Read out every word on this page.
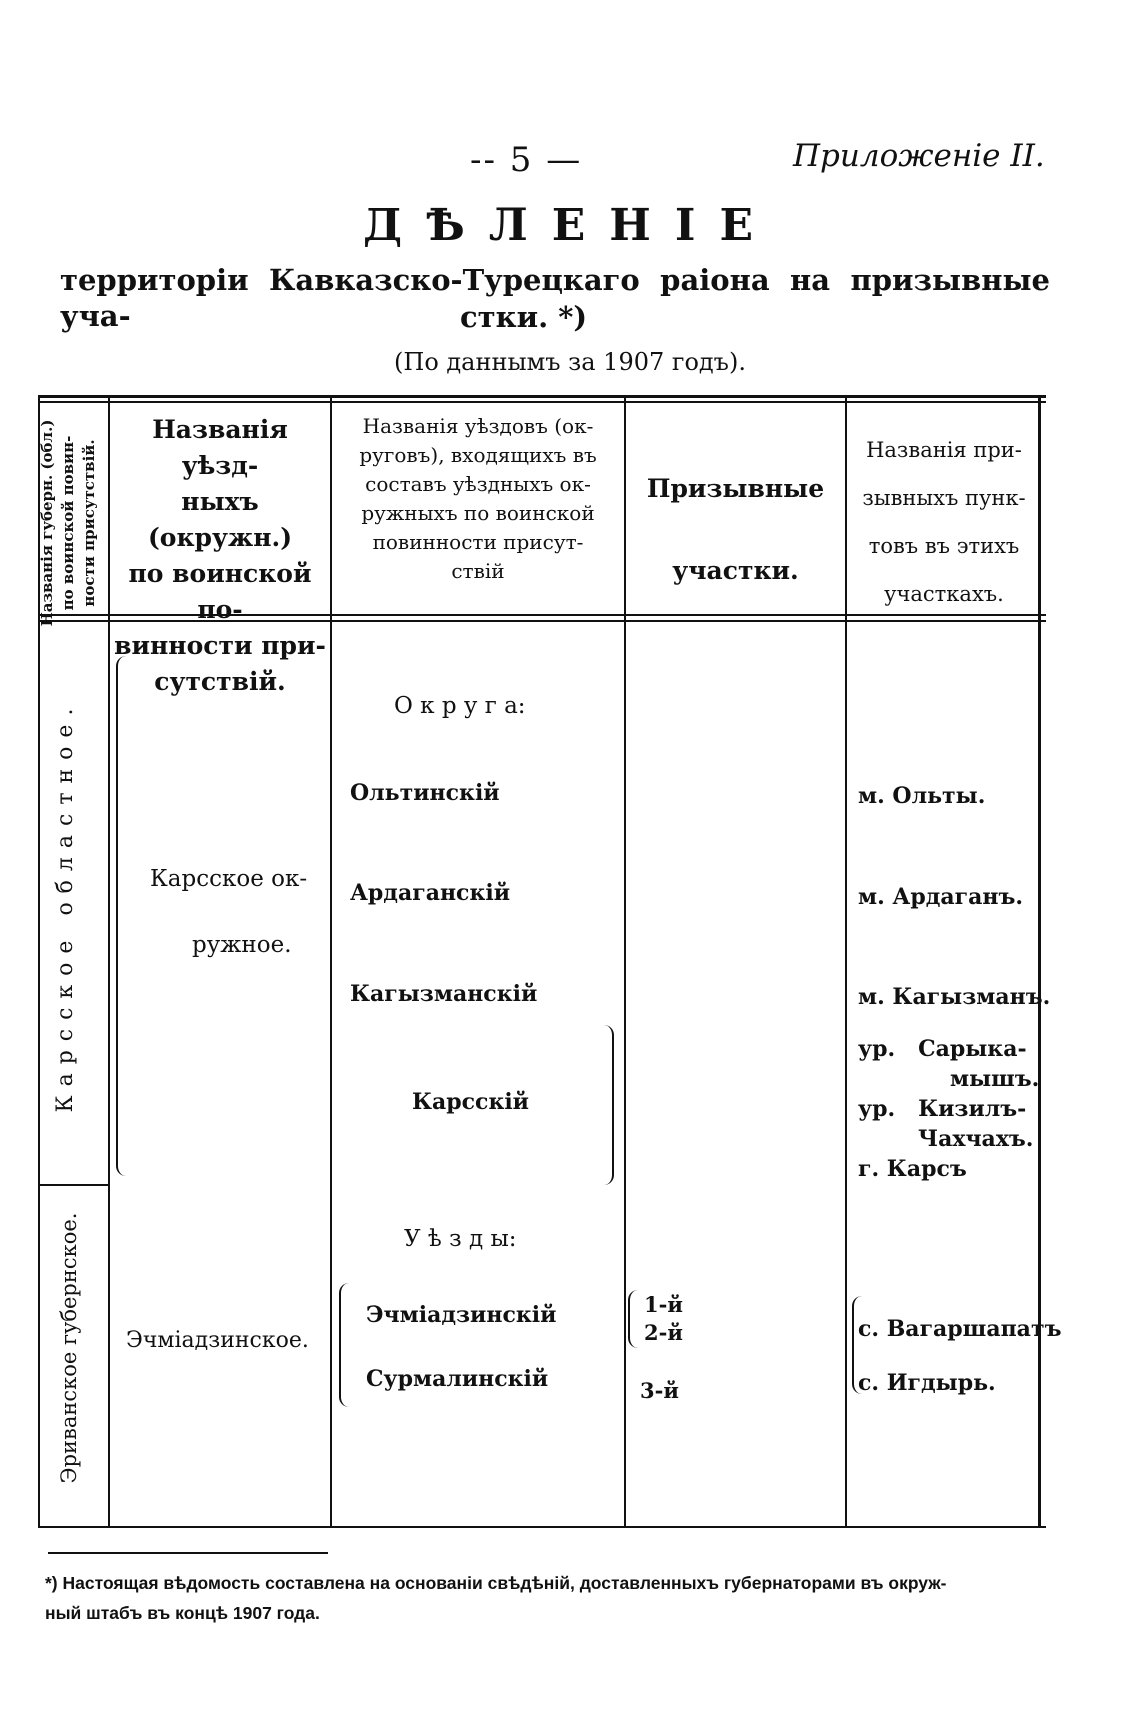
-- 5 —	Приложеніе II.
ДѢЛЕНІЕ
территоріи Кавказско-Турецкаго раіона на призывные уча-	стки. *)
(По даннымъ за 1907 годъ).
Названія губерн. (обл.) по воинской повин- ности присутствій.
Названія уѣзд-
ныхъ (окружн.)
по воинской по-
винности при-
сутствій.
Названія уѣздовъ (ок-
руговъ), входящихъ въ
составъ уѣздныхъ ок-
ружныхъ по воинской
повинности присут-
ствій
Призывные
участки.
Названія при-
зывныхъ пунк-
товъ въ этихъ
участкахъ.
Карсское областное.
Эриванское губернское.
Карсское ок-
ружное.
О к р у г а:
Ольтинскій
Ардаганскій
Кагызманскій
Карсскій
м. Ольты.
м. Ардаганъ.
м. Кагызманъ.
ур.   Сарыка-
мышъ.
ур.   Кизилъ-
Чахчахъ.
г. Карсъ
Эчміадзинское.
У ѣ з д ы:
Эчміадзинскій
Сурмалинскій
1-й
2-й
3-й
с. Вагаршапатъ
с. Игдырь.
*) Настоящая вѣдомость составлена на основаніи свѣдѣній, доставленныхъ губернаторами въ окруж-
ный штабъ въ концѣ 1907 года.
